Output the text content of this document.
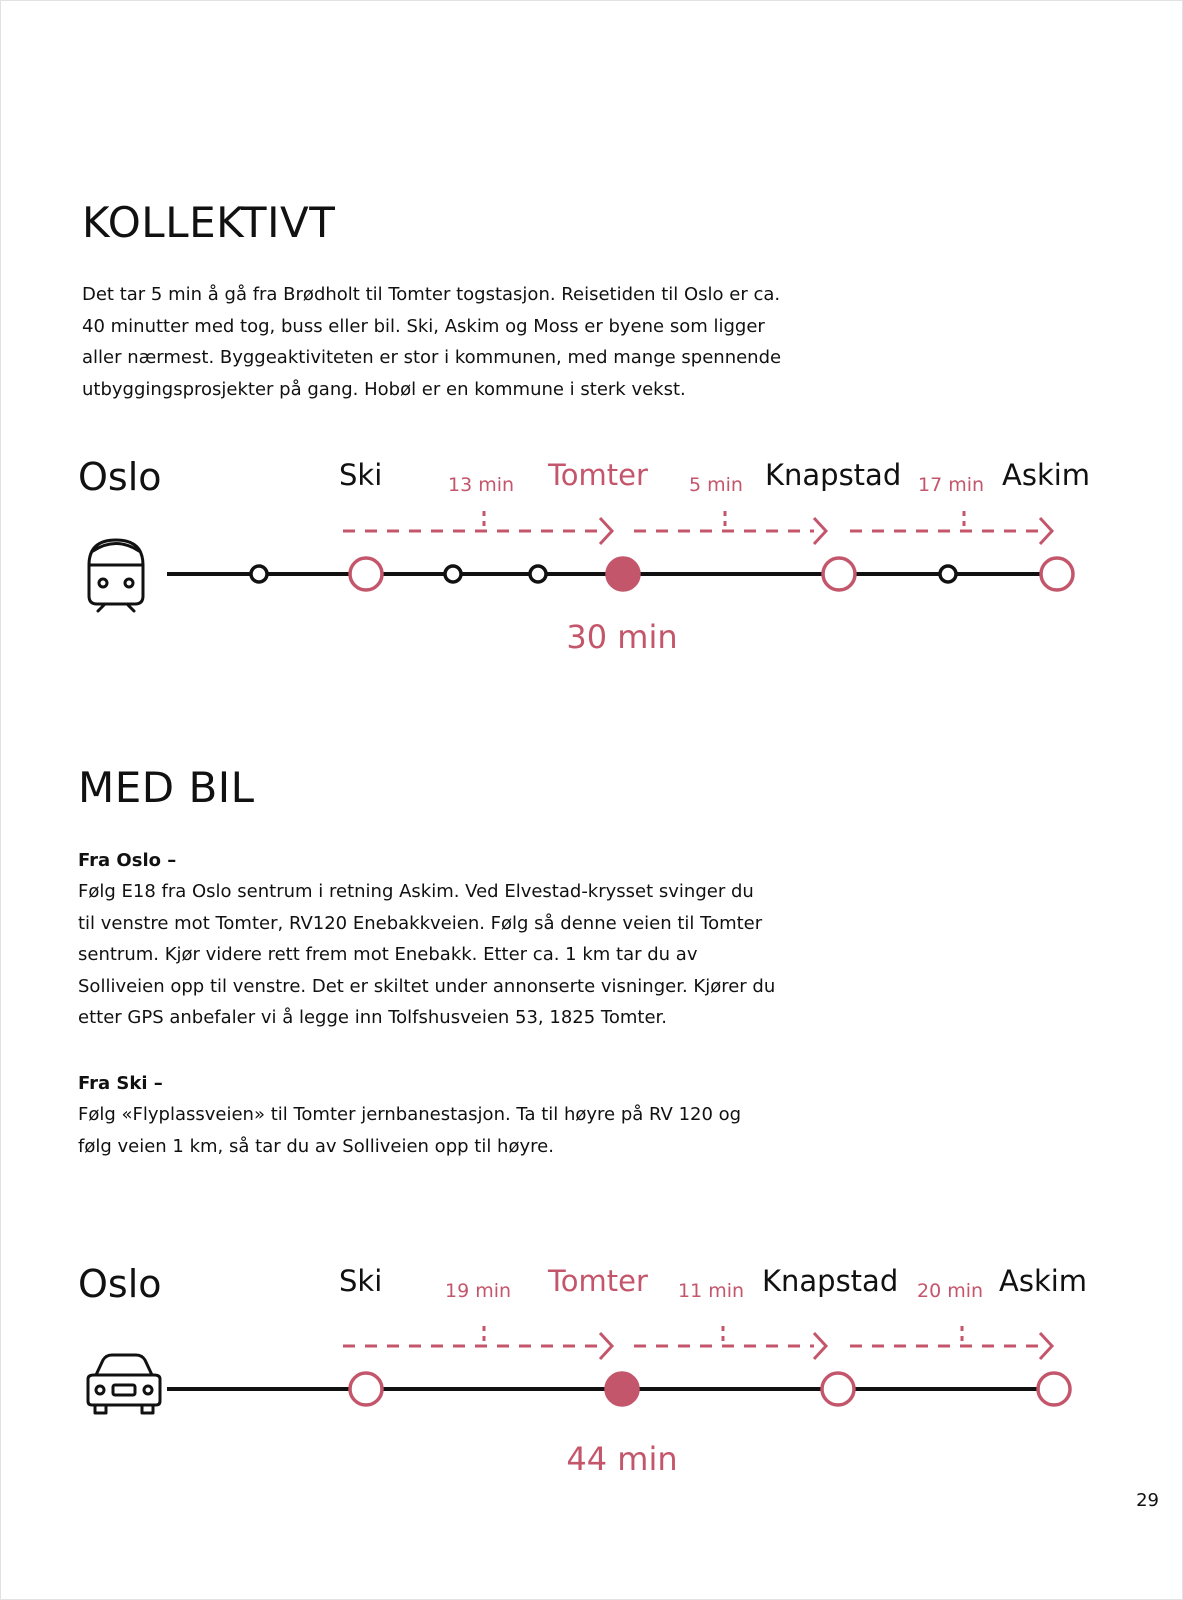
KOLLEKTIVT

Det tar 5 min å gå fra Brødholt til Tomter togstasjon. Reisetiden til Oslo er ca.
40 minutter med tog, buss eller bil. Ski, Askim og Moss er byene som ligger
aller nærmest. Byggeaktiviteten er stor i kommunen, med mange spennende
utbyggingsprosjekter på gang. Hobøl er en kommune i sterk vekst.

Oslo	Ski	Tomter	Knapstad	Askim
13 min	5 min	17 min
30 min
MED BIL

Fra Oslo –

Følg E18 fra Oslo sentrum i retning Askim. Ved Elvestad-krysset svinger du
til venstre mot Tomter, RV120 Enebakkveien. Følg så denne veien til Tomter
sentrum. Kjør videre rett frem mot Enebakk. Etter ca. 1 km tar du av
Solliveien opp til venstre. Det er skiltet under annonserte visninger. Kjører du
etter GPS anbefaler vi å legge inn Tolfshusveien 53, 1825 Tomter.

Fra Ski –

Følg «Flyplassveien» til Tomter jernbanestasjon. Ta til høyre på RV 120 og
følg veien 1 km, så tar du av Solliveien opp til høyre.

Oslo	Ski	Tomter	Knapstad	Askim
19 min	11 min	20 min
44 min
29
